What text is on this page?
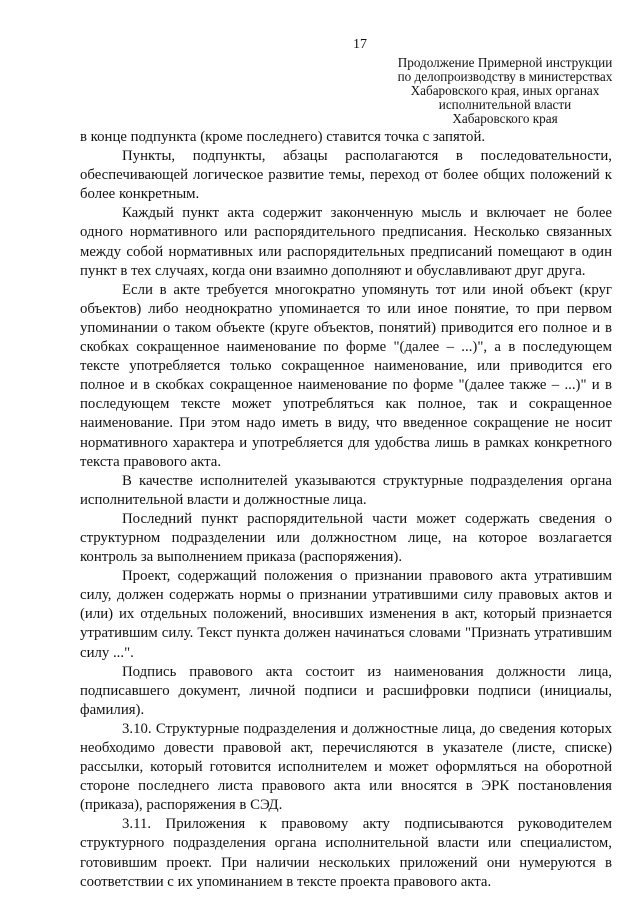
17
Продолжение Примерной инструкции
по делопроизводству в министерствах
Хабаровского края, иных органах
исполнительной власти
Хабаровского края

в конце подпункта (кроме последнего) ставится точка с запятой.

Пункты, подпункты, абзацы располагаются в последовательности, обеспечивающей логическое развитие темы, переход от более общих положений к более конкретным.

Каждый пункт акта содержит законченную мысль и включает не более одного нормативного или распорядительного предписания. Несколько связанных между собой нормативных или распорядительных предписаний помещают в один пункт в тех случаях, когда они взаимно дополняют и обуславливают друг друга.

Если в акте требуется многократно упомянуть тот или иной объект (круг объектов) либо неоднократно упоминается то или иное понятие, то при первом упоминании о таком объекте (круге объектов, понятий) приводится его полное и в скобках сокращенное наименование по форме "(далее – ...)", а в последующем тексте употребляется только сокращенное наименование, или приводится его полное и в скобках сокращенное наименование по форме "(далее также – ...)" и в последующем тексте может употребляться как полное, так и сокращенное наименование. При этом надо иметь в виду, что введенное сокращение не носит нормативного характера и употребляется для удобства лишь в рамках конкретного текста правового акта.

В качестве исполнителей указываются структурные подразделения органа исполнительной власти и должностные лица.

Последний пункт распорядительной части может содержать сведения о структурном подразделении или должностном лице, на которое возлагается контроль за выполнением приказа (распоряжения).

Проект, содержащий положения о признании правового акта утратившим силу, должен содержать нормы о признании утратившими силу правовых актов и (или) их отдельных положений, вносивших изменения в акт, который признается утратившим силу. Текст пункта должен начинаться словами "Признать утратившим силу ...".

Подпись правового акта состоит из наименования должности лица, подписавшего документ, личной подписи и расшифровки подписи (инициалы, фамилия).

3.10. Структурные подразделения и должностные лица, до сведения которых необходимо довести правовой акт, перечисляются в указателе (листе, списке) рассылки, который готовится исполнителем и может оформляться на оборотной стороне последнего листа правового акта или вносятся в ЭРК постановления (приказа), распоряжения в СЭД.

3.11. Приложения к правовому акту подписываются руководителем структурного подразделения органа исполнительной власти или специалистом, готовившим проект. При наличии нескольких приложений они нумеруются в соответствии с их упоминанием в тексте проекта правового акта.
